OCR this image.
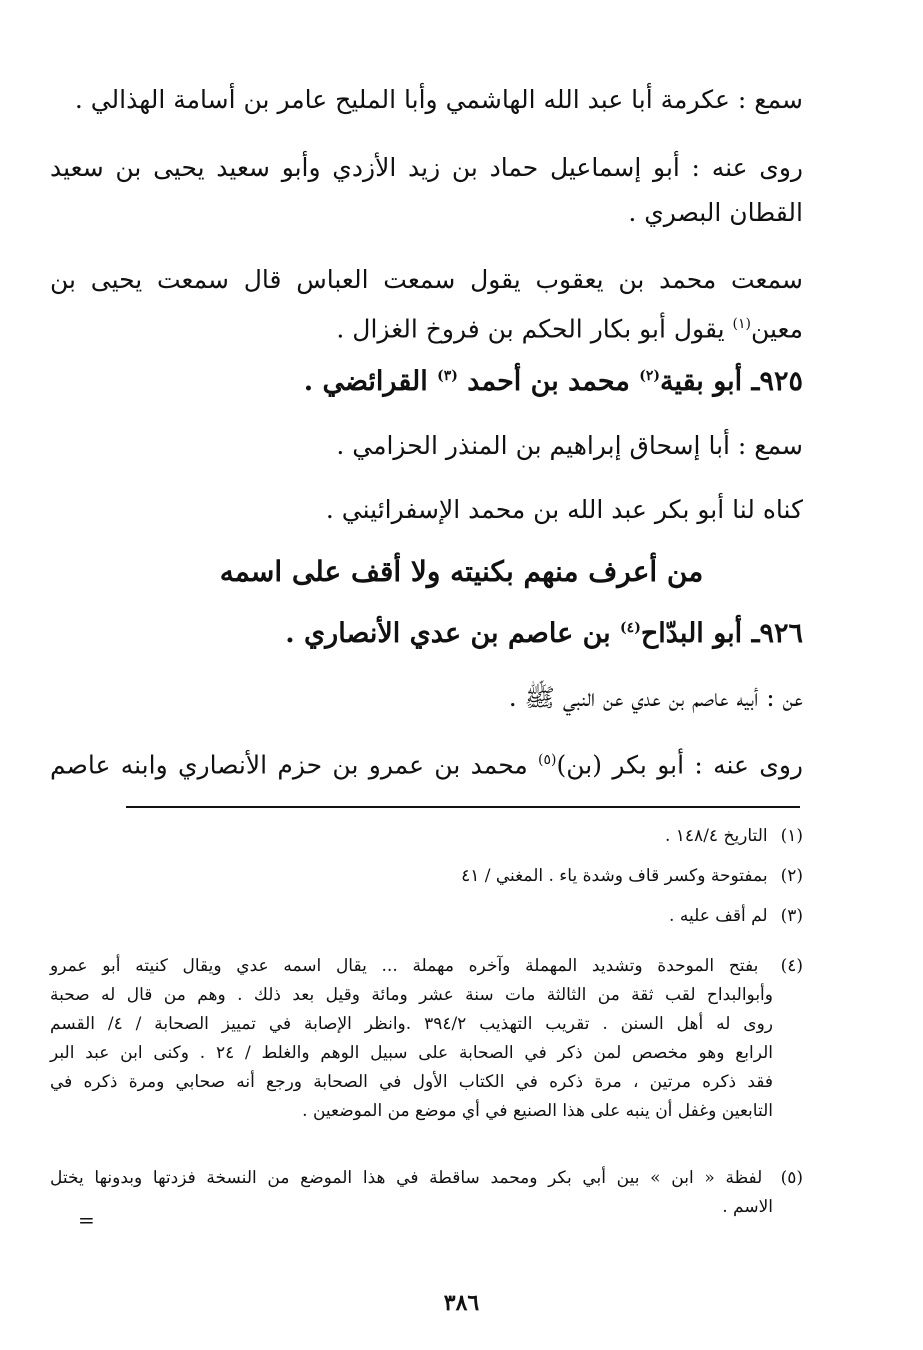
سمع : عكرمة أبا عبد الله الهاشمي وأبا المليح عامر بن أسامة الهذالي .
روى عنه : أبو إسماعيل حماد بن زيد الأزدي وأبو سعيد يحيى بن سعيد
القطان البصري .
سمعت محمد بن يعقوب يقول سمعت العباس قال سمعت يحيى بن
معين$^{(١)}$ يقول أبو بكار الحكم بن فروخ الغزال .
٩٢٥ـ أبو بقية$^{(٢)}$ محمد بن أحمد $^{(٣)}$ القرائضي .
سمع : أبا إسحاق إبراهيم بن المنذر الحزامي .
كناه لنا أبو بكر عبد الله بن محمد الإسفرائيني .
من أعرف منهم بكنيته ولا أقف على اسمه
٩٢٦ـ أبو البدّاح$^{(٤)}$ بن عاصم بن عدي الأنصاري .
عن : أبيه عاصم بن عدي عن النبي ﷺ .
روى عنه : أبو بكر (بن)$^{(٥)}$ محمد بن عمرو بن حزم الأنصاري وابنه عاصم
(١) التاريخ ١٤٨/٤ .
(٢) بمفتوحة وكسر قاف وشدة ياء . المغني / ٤١
(٣) لم أقف عليه .
(٤) بفتح الموحدة وتشديد المهملة وآخره مهملة ... يقال اسمه عدي ويقال كنيته أبو عمرو
وأبوالبداح لقب ثقة من الثالثة مات سنة عشر ومائة وقيل بعد ذلك . وهم من قال له صحبة
روى له أهل السنن . تقريب التهذيب ٣٩٤/٢ .وانظر الإصابة في تمييز الصحابة / ٤/ القسم
الرابع وهو مخصص لمن ذكر في الصحابة على سبيل الوهم والغلط / ٢٤ . وكنى ابن عبد البر
فقد ذكره مرتين ، مرة ذكره في الكتاب الأول في الصحابة ورجع أنه صحابي ومرة ذكره في
التابعين وغفل أن ينبه على هذا الصنيع في أي موضع من الموضعين .
(٥) لفظة « ابن » بين أبي بكر ومحمد ساقطة في هذا الموضع من النسخة فزدتها وبدونها يختل
الاسم .
=
٣٨٦
